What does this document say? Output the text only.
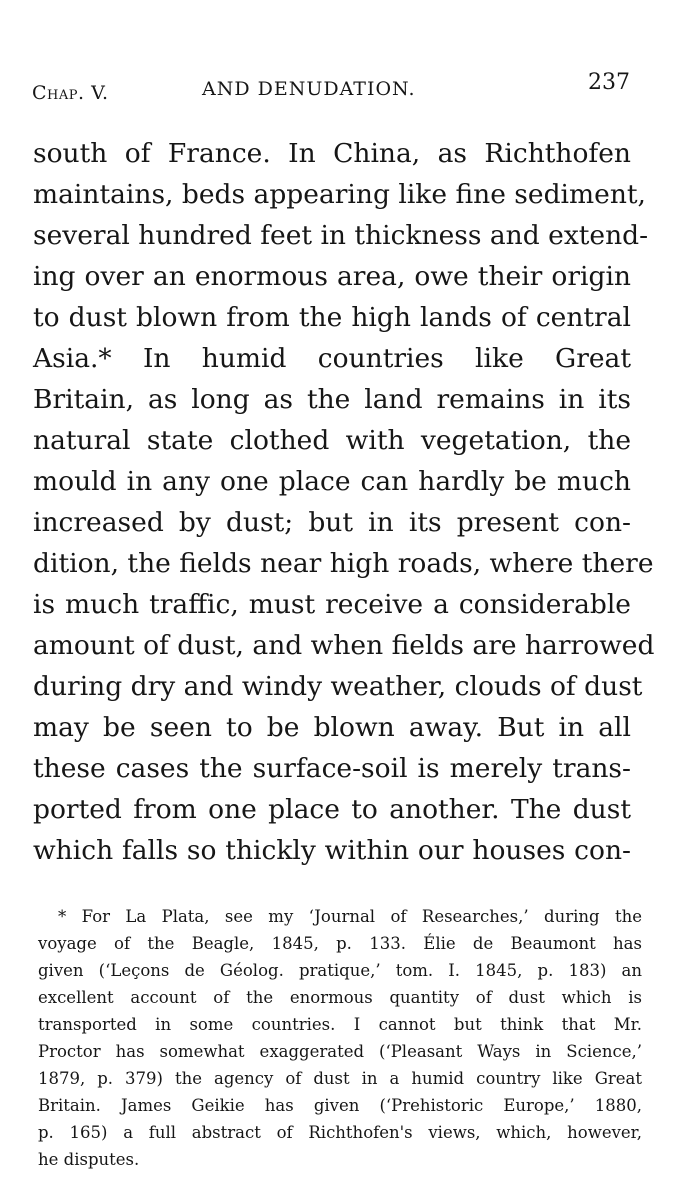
Chap. V.	AND DENUDATION.	237
south of France. In China, as Richthofen
maintains, beds appearing like fine sediment,
several hundred feet in thickness and extend-
ing over an enormous area, owe their origin
to dust blown from the high lands of central
Asia.* In humid countries like Great
Britain, as long as the land remains in its
natural state clothed with vegetation, the
mould in any one place can hardly be much
increased by dust; but in its present con-
dition, the fields near high roads, where there
is much traffic, must receive a considerable
amount of dust, and when fields are harrowed
during dry and windy weather, clouds of dust
may be seen to be blown away. But in all
these cases the surface-soil is merely trans-
ported from one place to another. The dust
which falls so thickly within our houses con-
* For La Plata, see my ‘Journal of Researches,’ during the
voyage of the Beagle, 1845, p. 133. Élie de Beaumont has
given (‘Leçons de Géolog. pratique,’ tom. I. 1845, p. 183) an
excellent account of the enormous quantity of dust which is
transported in some countries. I cannot but think that Mr.
Proctor has somewhat exaggerated (‘Pleasant Ways in Science,’
1879, p. 379) the agency of dust in a humid country like Great
Britain. James Geikie has given (‘Prehistoric Europe,’ 1880,
p. 165) a full abstract of Richthofen's views, which, however,
he disputes.
